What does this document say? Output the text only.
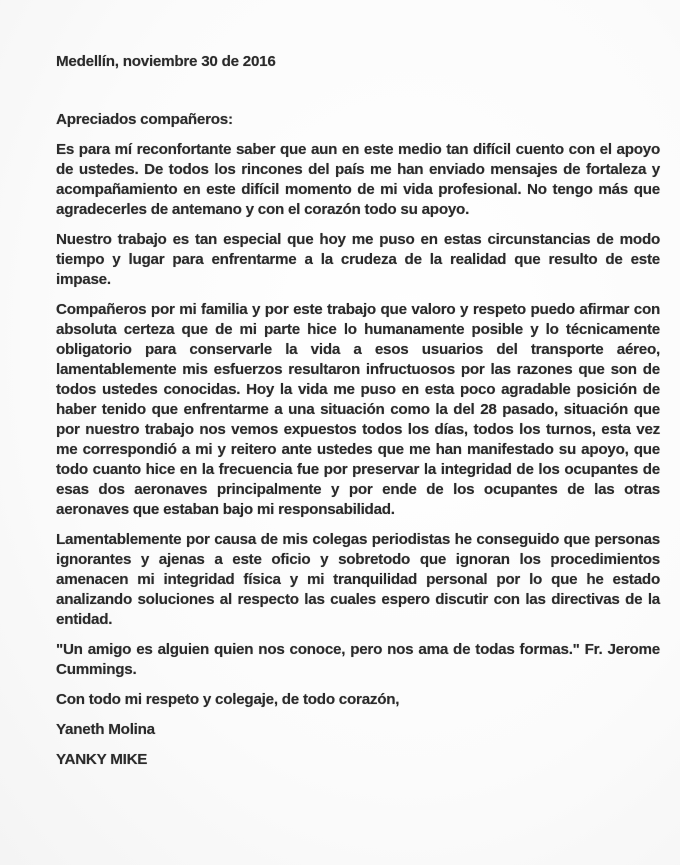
Medellín, noviembre 30 de 2016

Apreciados compañeros:

Es para mí reconfortante saber que aun en este medio tan difícil cuento con el apoyo de ustedes. De todos los rincones del país me han enviado mensajes de fortaleza y acompañamiento en este difícil momento de mi vida profesional. No tengo más que agradecerles de antemano y con el corazón todo su apoyo.

Nuestro trabajo es tan especial que hoy me puso en estas circunstancias de modo tiempo y lugar para enfrentarme a la crudeza de la realidad que resulto de este impase.

Compañeros por mi familia y por este trabajo que valoro y respeto puedo afirmar con absoluta certeza que de mi parte hice lo humanamente posible y lo técnicamente obligatorio para conservarle la vida a esos usuarios del transporte aéreo, lamentablemente mis esfuerzos resultaron infructuosos por las razones que son de todos ustedes conocidas. Hoy la vida me puso en esta poco agradable posición de haber tenido que enfrentarme a una situación como la del 28 pasado, situación que por nuestro trabajo nos vemos expuestos todos los días, todos los turnos, esta vez me correspondió a mi y reitero ante ustedes que me han manifestado su apoyo, que todo cuanto hice en la frecuencia fue por preservar la integridad de los ocupantes de esas dos aeronaves principalmente y por ende de los ocupantes de las otras aeronaves que estaban bajo mi responsabilidad.

Lamentablemente por causa de mis colegas periodistas he conseguido que personas ignorantes y ajenas a este oficio y sobretodo que ignoran los procedimientos amenacen mi integridad física y mi tranquilidad personal por lo que he estado analizando soluciones al respecto las cuales espero discutir con las directivas de la entidad.

"Un amigo es alguien quien nos conoce, pero nos ama de todas formas." Fr. Jerome Cummings.

Con todo mi respeto y colegaje, de todo corazón,

Yaneth Molina

YANKY MIKE
